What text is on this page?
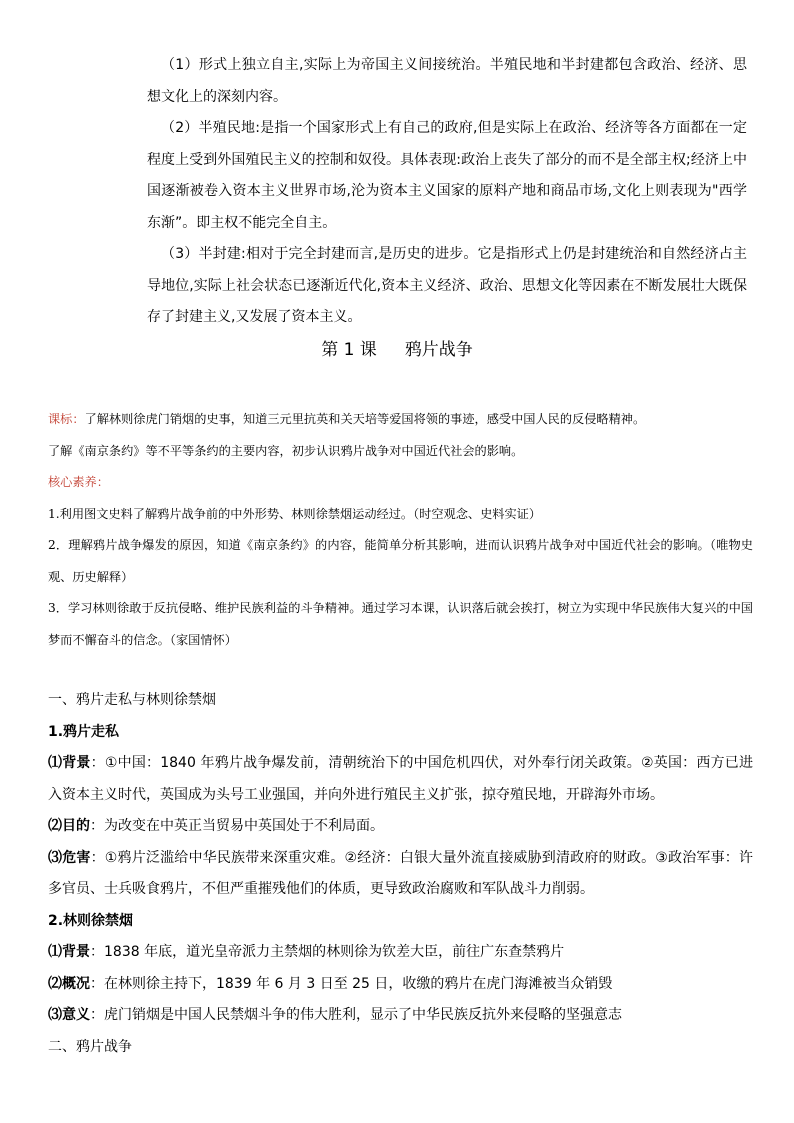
（1）形式上独立自主,实际上为帝国主义间接统治。半殖民地和半封建都包含政治、经济、思想文化上的深刻内容。

（2）半殖民地:是指一个国家形式上有自己的政府,但是实际上在政治、经济等各方面都在一定程度上受到外国殖民主义的控制和奴役。具体表现:政治上丧失了部分的而不是全部主权;经济上中国逐渐被卷入资本主义世界市场,沦为资本主义国家的原料产地和商品市场,文化上则表现为"西学东渐”。即主权不能完全自主。

（3）半封建:相对于完全封建而言,是历史的进步。它是指形式上仍是封建统治和自然经济占主导地位,实际上社会状态已逐渐近代化,资本主义经济、政治、思想文化等因素在不断发展壮大既保存了封建主义,又发展了资本主义。

第 1 课 鸦片战争

课标：了解林则徐虎门销烟的史事，知道三元里抗英和关天培等爱国将领的事迹，感受中国人民的反侵略精神。

了解《南京条约》等不平等条约的主要内容，初步认识鸦片战争对中国近代社会的影响。

核心素养：

1.利用图文史料了解鸦片战争前的中外形势、林则徐禁烟运动经过。（时空观念、史料实证）

2．理解鸦片战争爆发的原因，知道《南京条约》的内容，能简单分析其影响，进而认识鸦片战争对中国近代社会的影响。（唯物史观、历史解释）

3．学习林则徐敢于反抗侵略、维护民族利益的斗争精神。通过学习本课，认识落后就会挨打，树立为实现中华民族伟大复兴的中国梦而不懈奋斗的信念。（家国情怀）

一、鸦片走私与林则徐禁烟

1.鸦片走私

⑴背景：①中国：1840 年鸦片战争爆发前，清朝统治下的中国危机四伏，对外奉行闭关政策。②英国：西方已进入资本主义时代，英国成为头号工业强国，并向外进行殖民主义扩张，掠夺殖民地，开辟海外市场。

⑵目的：为改变在中英正当贸易中英国处于不利局面。

⑶危害：①鸦片泛滥给中华民族带来深重灾难。②经济：白银大量外流直接威胁到清政府的财政。③政治军事：许多官员、士兵吸食鸦片，不但严重摧残他们的体质，更导致政治腐败和军队战斗力削弱。

2.林则徐禁烟

⑴背景：1838 年底，道光皇帝派力主禁烟的林则徐为钦差大臣，前往广东查禁鸦片

⑵概况：在林则徐主持下，1839 年 6 月 3 日至 25 日，收缴的鸦片在虎门海滩被当众销毁

⑶意义：虎门销烟是中国人民禁烟斗争的伟大胜利，显示了中华民族反抗外来侵略的坚强意志

二、鸦片战争
